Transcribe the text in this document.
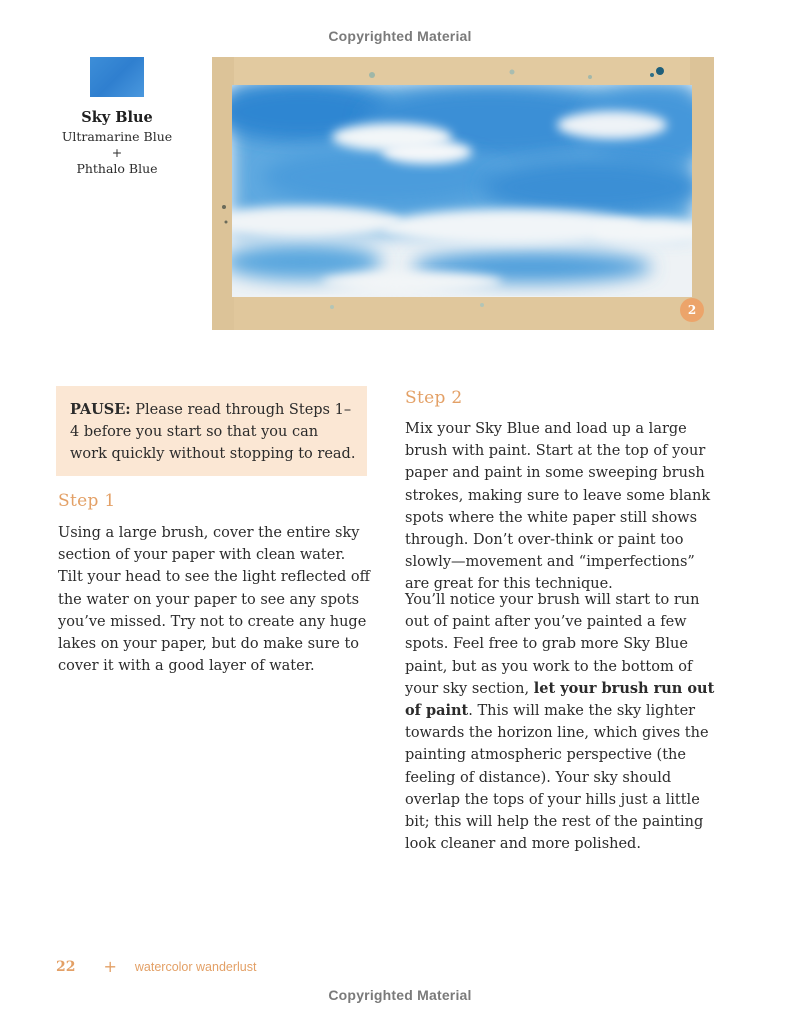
Copyrighted Material
Sky Blue
Ultramarine Blue +
Phthalo Blue
2

PAUSE: Please read through Steps 1–4 before you start so that you can work quickly without stopping to read.

Step 1

Using a large brush, cover the entire sky section of your paper with clean water. Tilt your head to see the light reflected off the water on your paper to see any spots you’ve missed. Try not to create any huge lakes on your paper, but do make sure to cover it with a good layer of water.

Step 2

Mix your Sky Blue and load up a large brush with paint. Start at the top of your paper and paint in some sweeping brush strokes, making sure to leave some blank spots where the white paper still shows through. Don’t over-think or paint too slowly—movement and “imperfections” are great for this technique.

You’ll notice your brush will start to run out of paint after you’ve painted a few spots. Feel free to grab more Sky Blue paint, but as you work to the bottom of your sky section, let your brush run out of paint. This will make the sky lighter towards the horizon line, which gives the painting atmospheric perspective (the feeling of distance). Your sky should overlap the tops of your hills just a little bit; this will help the rest of the painting look cleaner and more polished.

22 + watercolor wanderlust
Copyrighted Material
